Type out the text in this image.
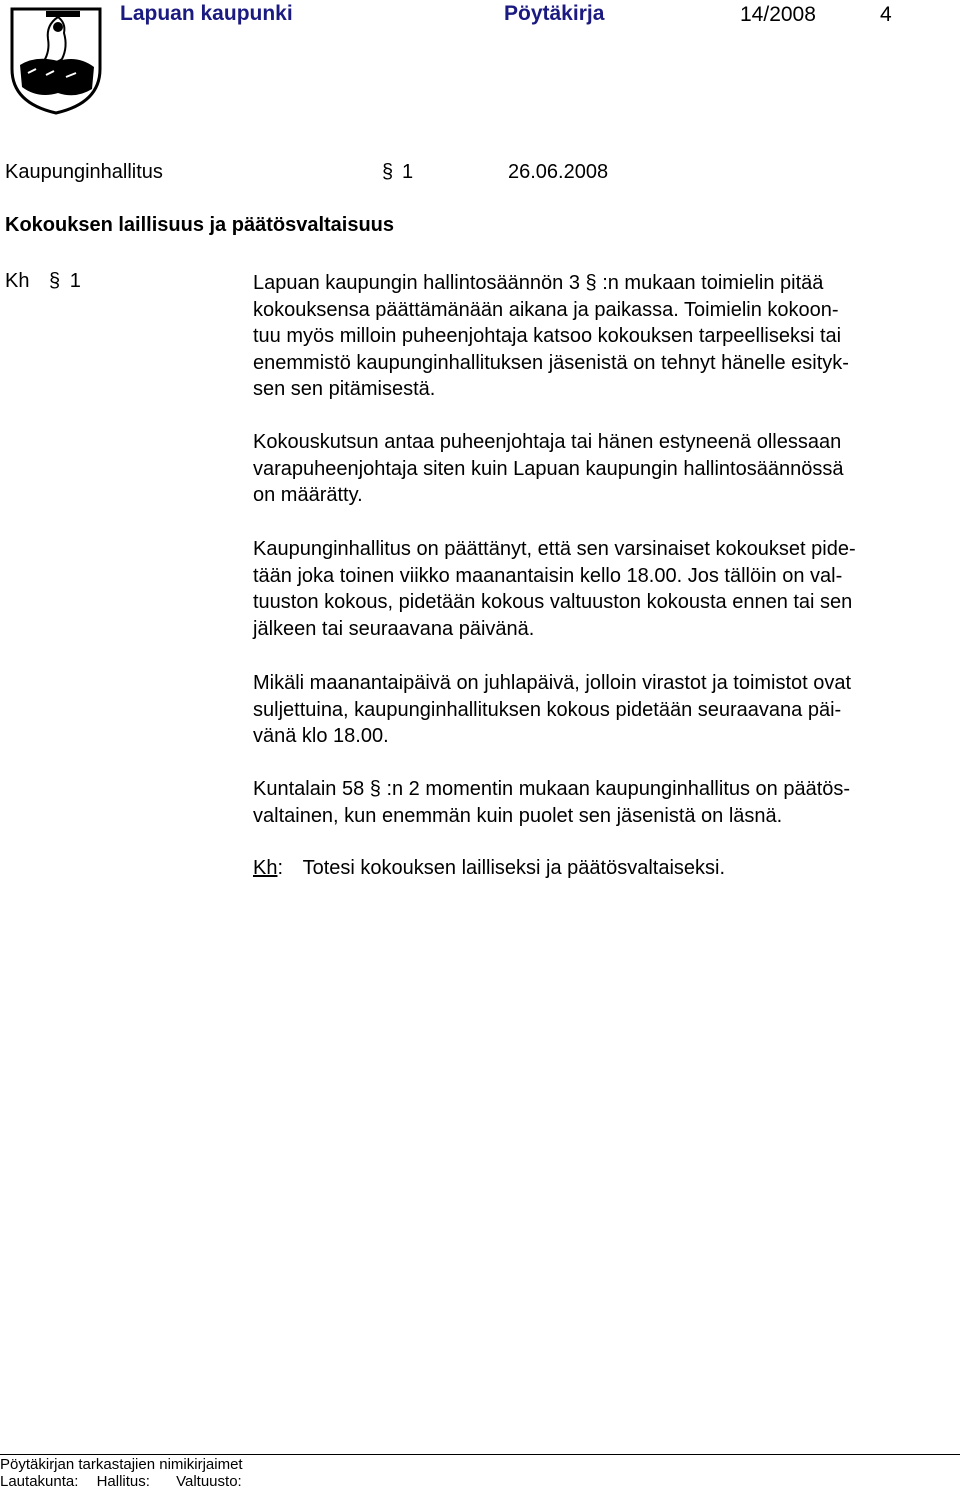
Lapuan kaupunki	Pöytäkirja	14/2008	4
Kaupunginhallitus	§ 1	26.06.2008
Kokouksen laillisuus ja päätösvaltaisuus
Kh § 1	Lapuan kaupungin hallintosäännön 3 § :n mukaan toimielin pitää
kokouksensa päättämänään aikana ja paikassa. Toimielin kokoon-
tuu myös milloin puheenjohtaja katsoo kokouksen tarpeelliseksi tai
enemmistö kaupunginhallituksen jäsenistä on tehnyt hänelle esityk-
sen sen pitämisestä.
Kokouskutsun antaa puheenjohtaja tai hänen estyneenä ollessaan
varapuheenjohtaja siten kuin Lapuan kaupungin hallintosäännössä
on määrätty.
Kaupunginhallitus on päättänyt, että sen varsinaiset kokoukset pide-
tään joka toinen viikko maanantaisin kello 18.00. Jos tällöin on val-
tuuston kokous, pidetään kokous valtuuston kokousta ennen tai sen
jälkeen tai seuraavana päivänä.
Mikäli maanantaipäivä on juhlapäivä, jolloin virastot ja toimistot ovat
suljettuina, kaupunginhallituksen kokous pidetään seuraavana päi-
vänä klo 18.00.
Kuntalain 58 § :n 2 momentin mukaan kaupunginhallitus on päätös-
valtainen, kun enemmän kuin puolet sen jäsenistä on läsnä.
Kh: Totesi kokouksen lailliseksi ja päätösvaltaiseksi.
Pöytäkirjan tarkastajien nimikirjaimet
Lautakunta: Hallitus: Valtuusto:
